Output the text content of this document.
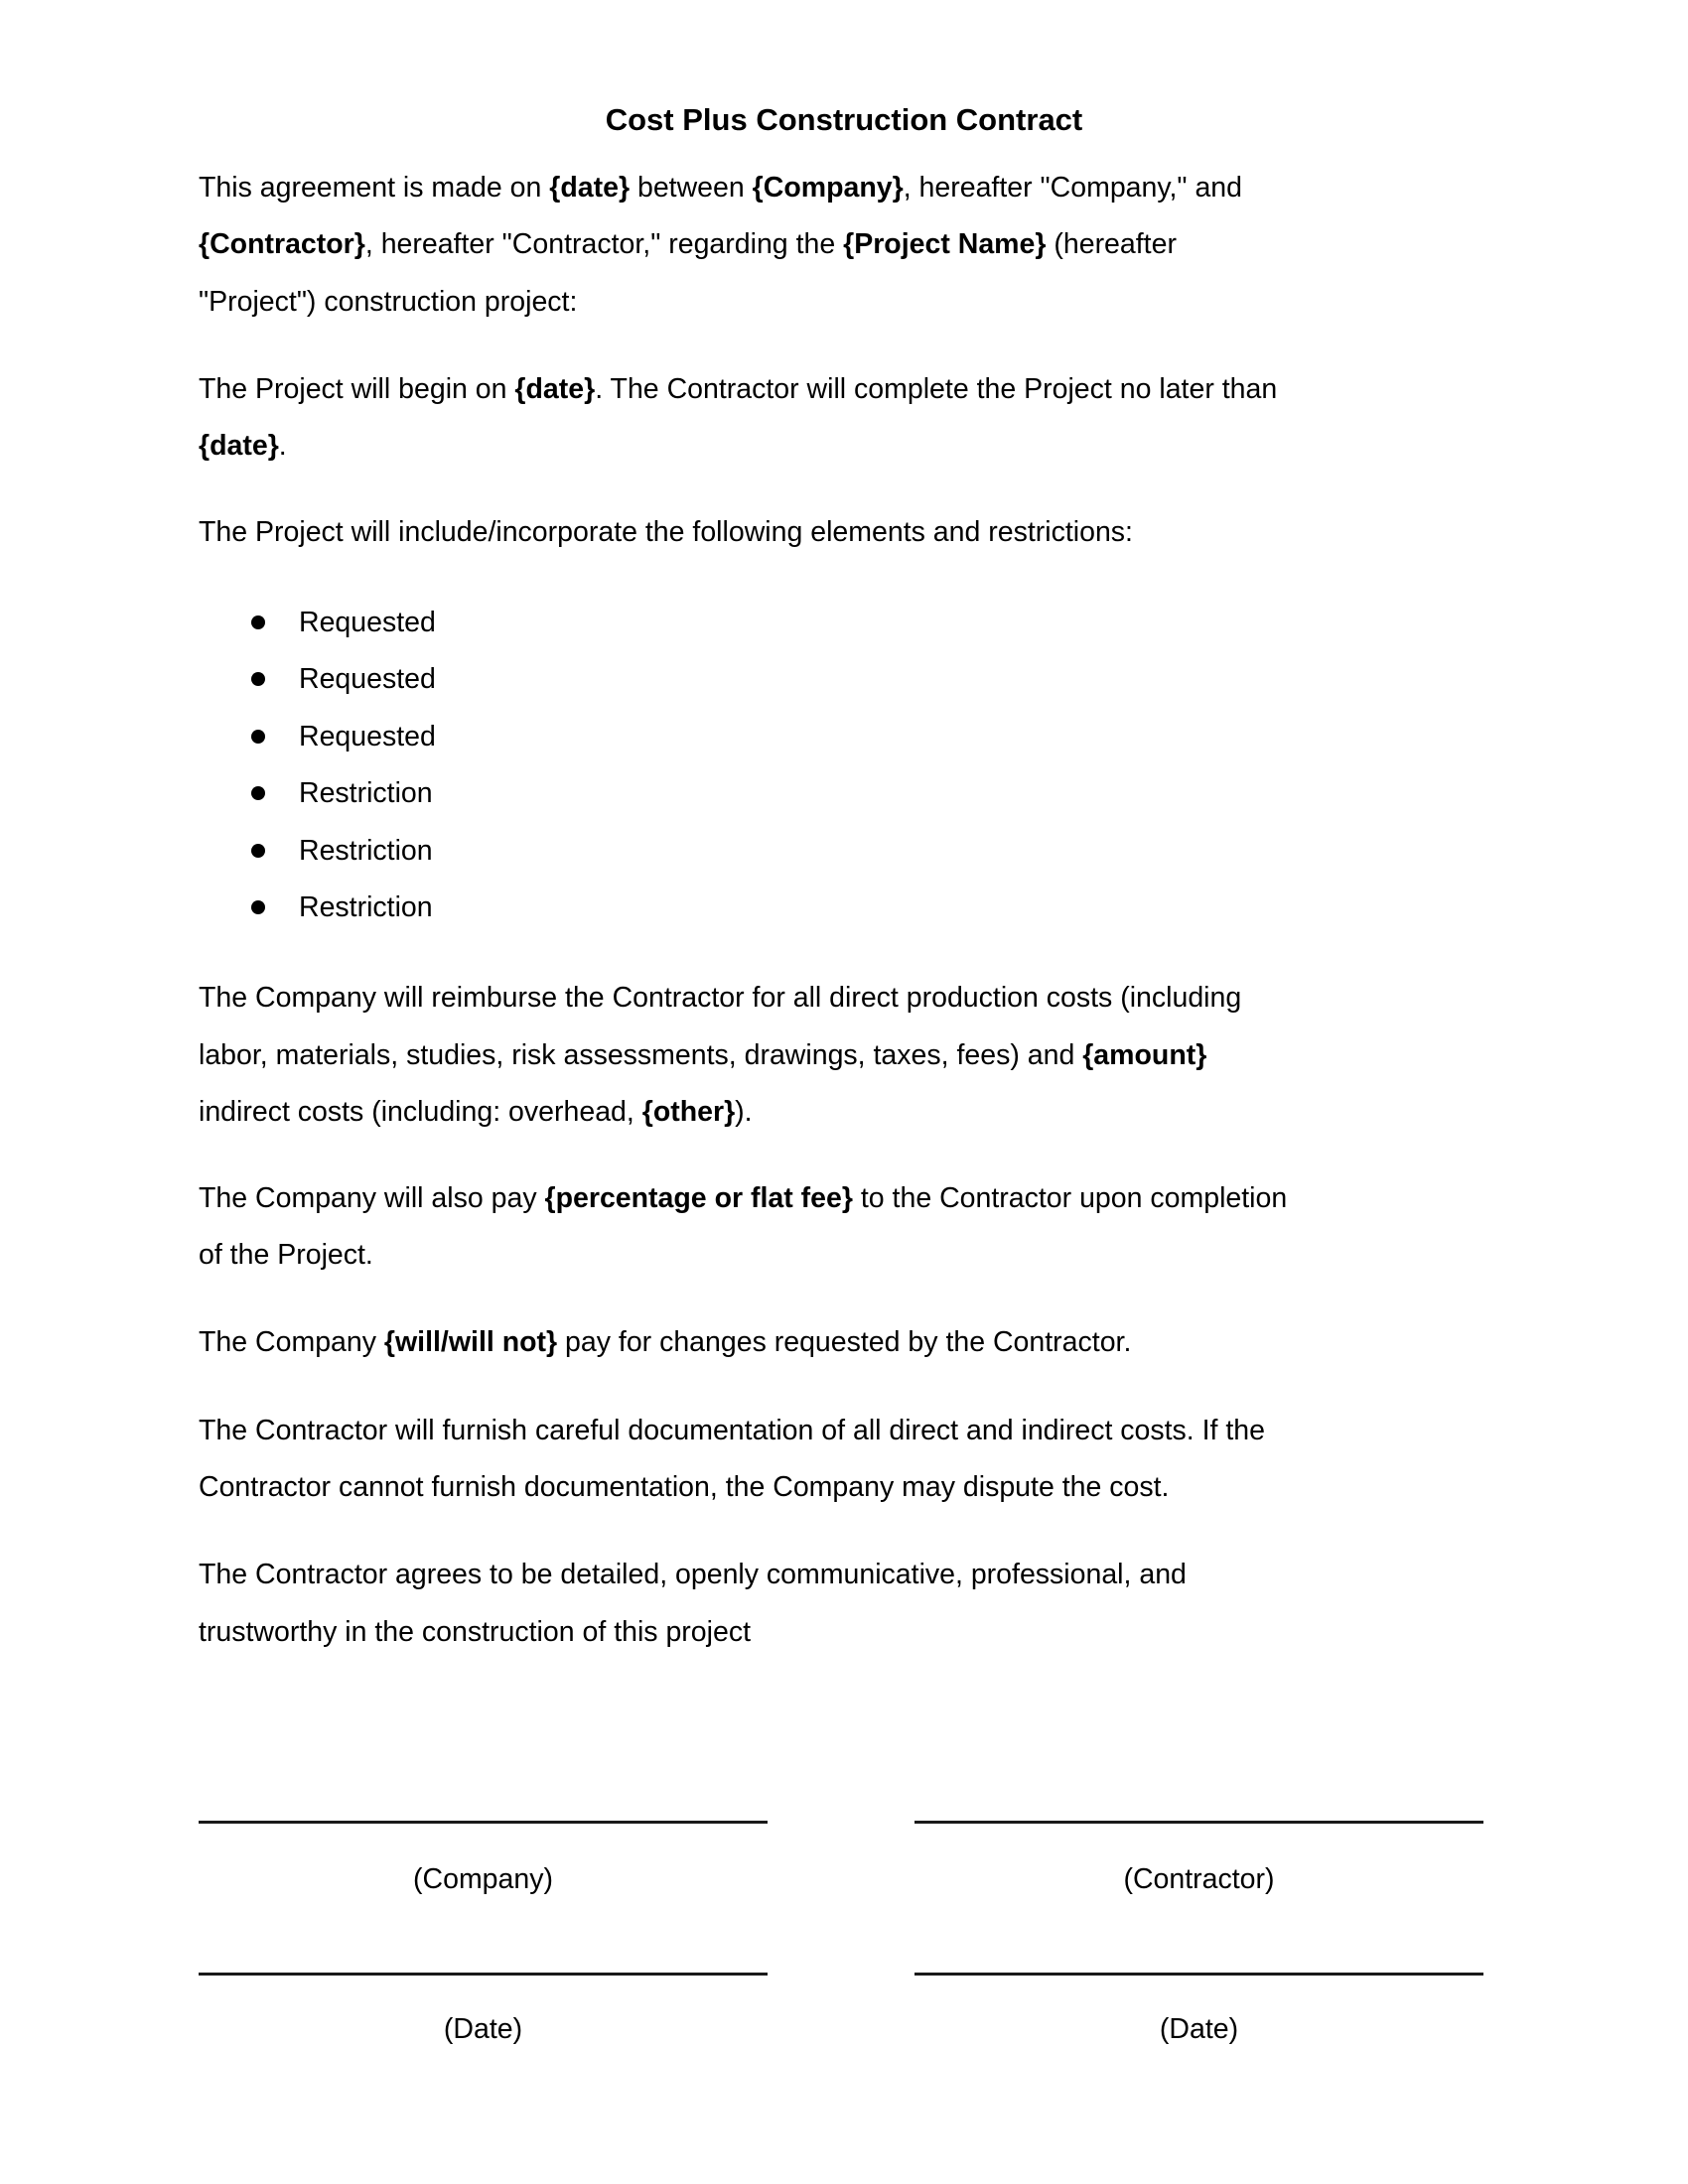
Cost Plus Construction Contract
This agreement is made on {date} between {Company}, hereafter "Company," and
{Contractor}, hereafter "Contractor," regarding the {Project Name} (hereafter
"Project") construction project:
The Project will begin on {date}. The Contractor will complete the Project no later than
{date}.
The Project will include/incorporate the following elements and restrictions:
Requested
Requested
Requested
Restriction
Restriction
Restriction
The Company will reimburse the Contractor for all direct production costs (including
labor, materials, studies, risk assessments, drawings, taxes, fees) and {amount}
indirect costs (including: overhead, {other}).
The Company will also pay {percentage or flat fee} to the Contractor upon completion
of the Project.
The Company {will/will not} pay for changes requested by the Contractor.
The Contractor will furnish careful documentation of all direct and indirect costs. If the
Contractor cannot furnish documentation, the Company may dispute the cost.
The Contractor agrees to be detailed, openly communicative, professional, and
trustworthy in the construction of this project
(Company)	(Contractor)
(Date)	(Date)
